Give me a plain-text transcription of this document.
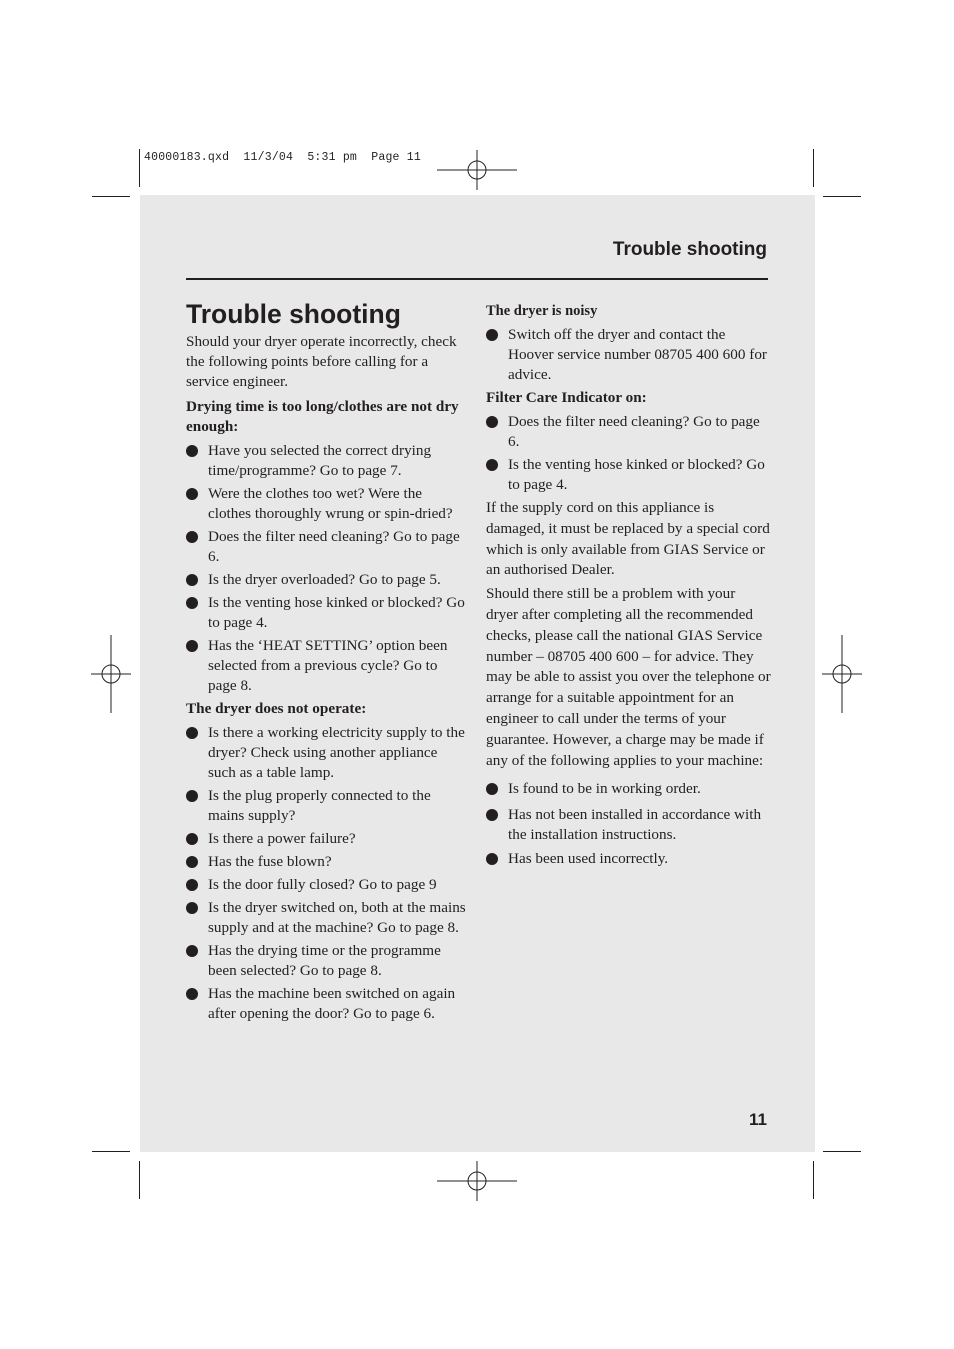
40000183.qxd  11/3/04  5:31 pm  Page 11
Trouble shooting
Trouble shooting

Should your dryer operate incorrectly, check the following points before calling for a service engineer.

Drying time is too long/clothes are not dry enough:

Have you selected the correct drying time/programme? Go to page 7.
Were the clothes too wet? Were the clothes thoroughly wrung or spin-dried?
Does the filter need cleaning? Go to page 6.
Is the dryer overloaded? Go to page 5.
Is the venting hose kinked or blocked? Go to page 4.
Has the ‘HEAT SETTING’ option been selected from a previous cycle? Go to page 8.

The dryer does not operate:

Is there a working electricity supply to the dryer? Check using another appliance such as a table lamp.
Is the plug properly connected to the mains supply?
Is there a power failure?
Has the fuse blown?
Is the door fully closed? Go to page 9
Is the dryer switched on, both at the mains supply and at the machine? Go to page 8.
Has the drying time or the programme been selected? Go to page 8.
Has the machine been switched on again after opening the door? Go to page 6.

The dryer is noisy

Switch off the dryer and contact the Hoover service number 08705 400 600 for advice.

Filter Care Indicator on:

Does the filter need cleaning? Go to page 6.
Is the venting hose kinked or blocked? Go to page 4.

If the supply cord on this appliance is damaged, it must be replaced by a special cord which is only available from GIAS Service or an authorised Dealer.

Should there still be a problem with your dryer after completing all the recommended checks, please call the national GIAS Service number – 08705 400 600 – for advice. They may be able to assist you over the telephone or arrange for a suitable appointment for an engineer to call under the terms of your guarantee. However, a charge may be made if any of the following applies to your machine:

Is found to be in working order.
Has not been installed in accordance with the installation instructions.
Has been used incorrectly.
11
